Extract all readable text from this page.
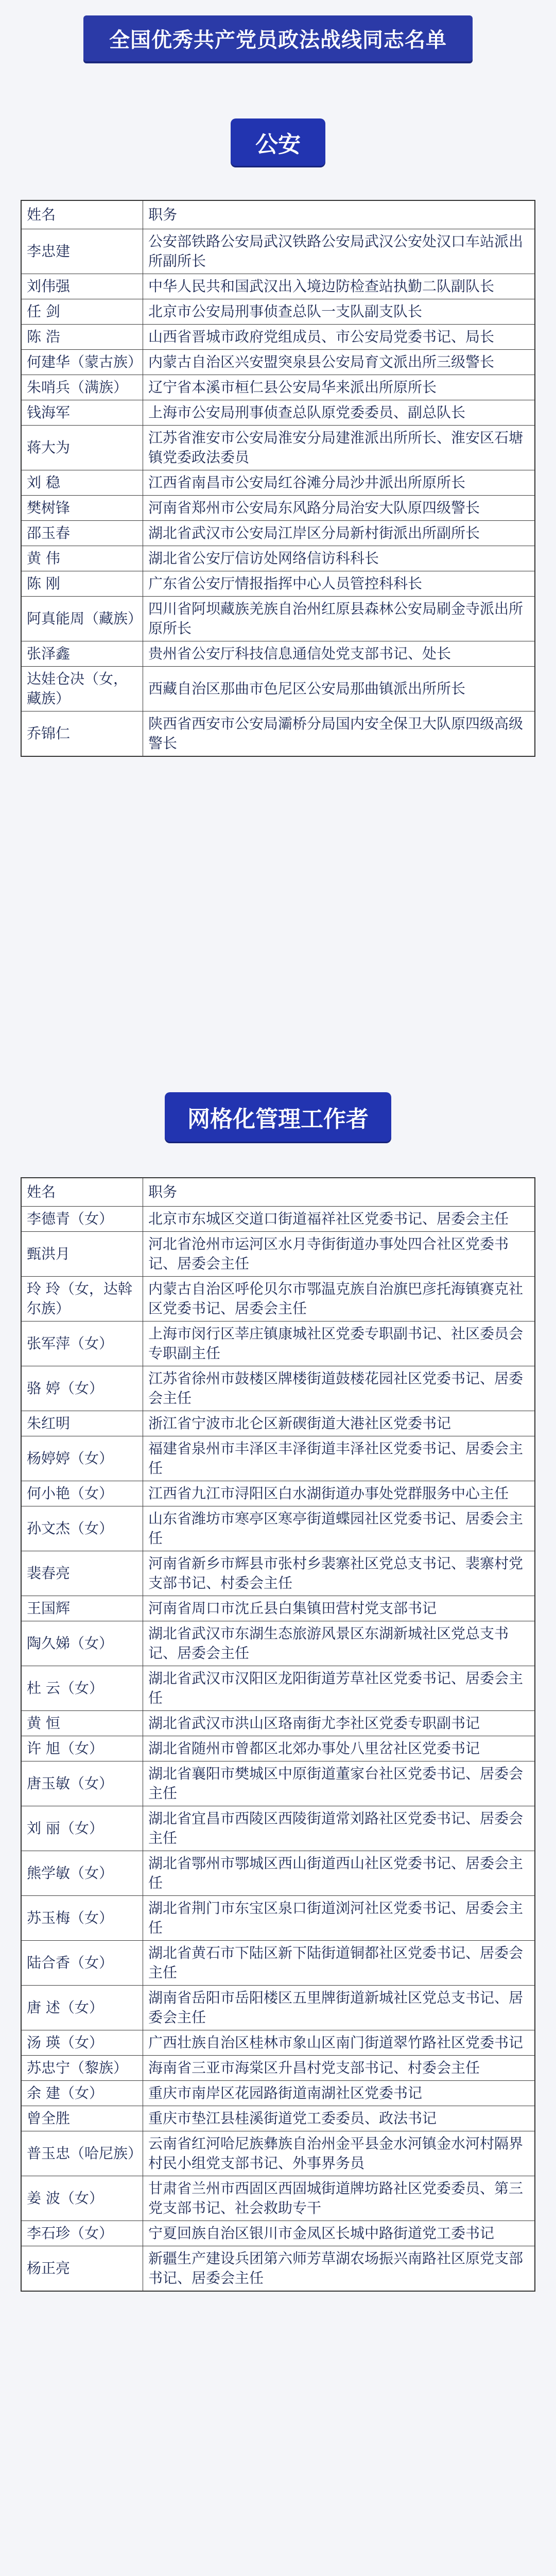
全国优秀共产党员政法战线同志名单
公安
姓名	职务
李忠建	公安部铁路公安局武汉铁路公安局武汉公安处汉口车站派出所副所长
刘伟强	中华人民共和国武汉出入境边防检查站执勤二队副队长
任 剑	北京市公安局刑事侦查总队一支队副支队长
陈 浩	山西省晋城市政府党组成员、市公安局党委书记、局长
何建华（蒙古族）	内蒙古自治区兴安盟突泉县公安局育文派出所三级警长
朱哨兵（满族）	辽宁省本溪市桓仁县公安局华来派出所原所长
钱海军	上海市公安局刑事侦查总队原党委委员、副总队长
蒋大为	江苏省淮安市公安局淮安分局建淮派出所所长、淮安区石塘镇党委政法委员
刘 稳	江西省南昌市公安局红谷滩分局沙井派出所原所长
樊树锋	河南省郑州市公安局东风路分局治安大队原四级警长
邵玉春	湖北省武汉市公安局江岸区分局新村街派出所副所长
黄 伟	湖北省公安厅信访处网络信访科科长
陈 刚	广东省公安厅情报指挥中心人员管控科科长
阿真能周（藏族）	四川省阿坝藏族羌族自治州红原县森林公安局刷金寺派出所原所长
张泽鑫	贵州省公安厅科技信息通信处党支部书记、处长
达娃仓决（女，藏族）	西藏自治区那曲市色尼区公安局那曲镇派出所所长
乔锦仁	陕西省西安市公安局灞桥分局国内安全保卫大队原四级高级警长
网格化管理工作者
姓名	职务
李德青（女）	北京市东城区交道口街道福祥社区党委书记、居委会主任
甄洪月	河北省沧州市运河区水月寺街街道办事处四合社区党委书记、居委会主任
玲 玲（女，达斡尔族）	内蒙古自治区呼伦贝尔市鄂温克族自治旗巴彦托海镇赛克社区党委书记、居委会主任
张军萍（女）	上海市闵行区莘庄镇康城社区党委专职副书记、社区委员会专职副主任
骆 婷（女）	江苏省徐州市鼓楼区牌楼街道鼓楼花园社区党委书记、居委会主任
朱红明	浙江省宁波市北仑区新碶街道大港社区党委书记
杨婷婷（女）	福建省泉州市丰泽区丰泽街道丰泽社区党委书记、居委会主任
何小艳（女）	江西省九江市浔阳区白水湖街道办事处党群服务中心主任
孙文杰（女）	山东省潍坊市寒亭区寒亭街道蝶园社区党委书记、居委会主任
裴春亮	河南省新乡市辉县市张村乡裴寨社区党总支书记、裴寨村党支部书记、村委会主任
王国辉	河南省周口市沈丘县白集镇田营村党支部书记
陶久娣（女）	湖北省武汉市东湖生态旅游风景区东湖新城社区党总支书记、居委会主任
杜 云（女）	湖北省武汉市汉阳区龙阳街道芳草社区党委书记、居委会主任
黄 恒	湖北省武汉市洪山区珞南街尤李社区党委专职副书记
许 旭（女）	湖北省随州市曾都区北郊办事处八里岔社区党委书记
唐玉敏（女）	湖北省襄阳市樊城区中原街道董家台社区党委书记、居委会主任
刘 丽（女）	湖北省宜昌市西陵区西陵街道常刘路社区党委书记、居委会主任
熊学敏（女）	湖北省鄂州市鄂城区西山街道西山社区党委书记、居委会主任
苏玉梅（女）	湖北省荆门市东宝区泉口街道浏河社区党委书记、居委会主任
陆合香（女）	湖北省黄石市下陆区新下陆街道铜都社区党委书记、居委会主任
唐 述（女）	湖南省岳阳市岳阳楼区五里牌街道新城社区党总支书记、居委会主任
汤 瑛（女）	广西壮族自治区桂林市象山区南门街道翠竹路社区党委书记
苏忠宁（黎族）	海南省三亚市海棠区升昌村党支部书记、村委会主任
余 建（女）	重庆市南岸区花园路街道南湖社区党委书记
曾全胜	重庆市垫江县桂溪街道党工委委员、政法书记
普玉忠（哈尼族）	云南省红河哈尼族彝族自治州金平县金水河镇金水河村隔界村民小组党支部书记、外事界务员
姜 波（女）	甘肃省兰州市西固区西固城街道牌坊路社区党委委员、第三党支部书记、社会救助专干
李石珍（女）	宁夏回族自治区银川市金凤区长城中路街道党工委书记
杨正亮	新疆生产建设兵团第六师芳草湖农场振兴南路社区原党支部书记、居委会主任
